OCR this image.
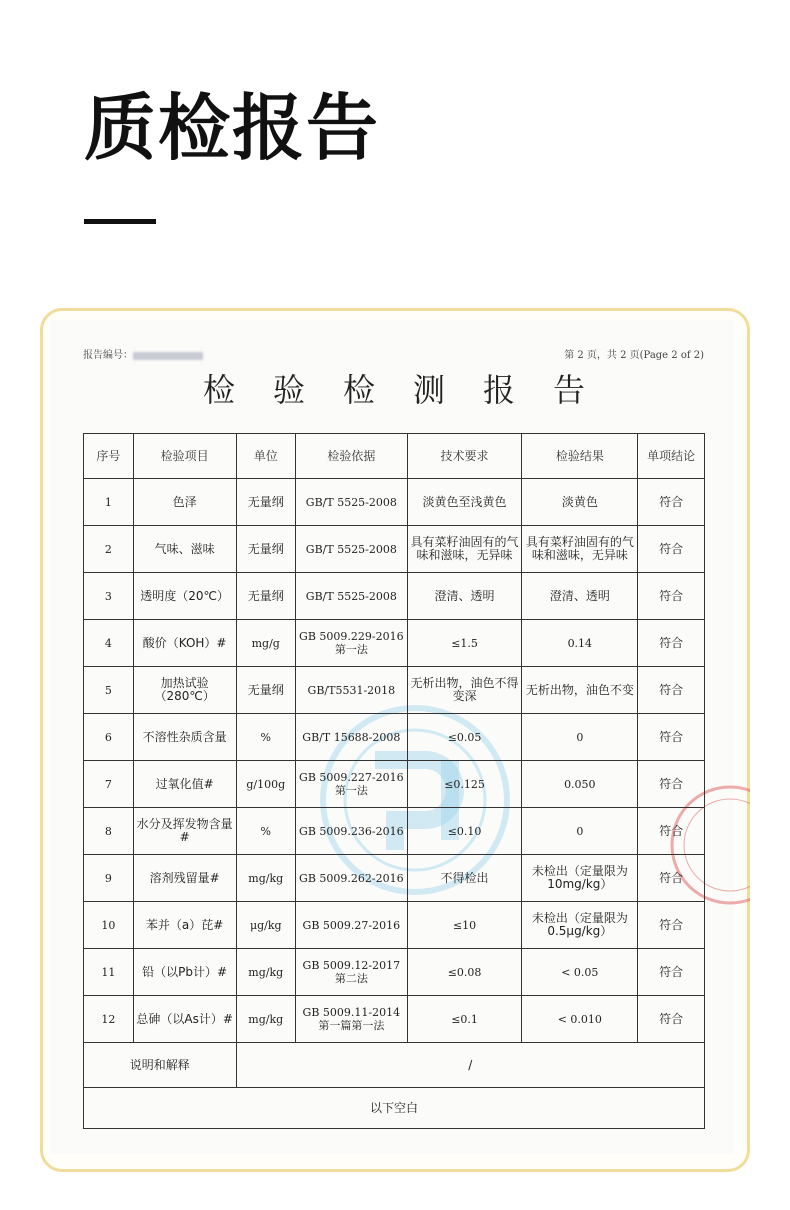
质检报告
报告编号：	第 2 页，共 2 页(Page 2 of 2)
检验检测报告
序号	检验项目	单位	检验依据	技术要求	检验结果	单项结论
1	色泽	无量纲	GB/T 5525-2008	淡黄色至浅黄色	淡黄色	符合
2	气味、滋味	无量纲	GB/T 5525-2008	具有菜籽油固有的气味和滋味，无异味	具有菜籽油固有的气味和滋味，无异味	符合
3	透明度（20℃）	无量纲	GB/T 5525-2008	澄清、透明	澄清、透明	符合
4	酸价（KOH）#	mg/g	GB 5009.229-2016 第一法	≤1.5	0.14	符合
5	加热试验（280℃）	无量纲	GB/T5531-2018	无析出物，油色不得变深	无析出物，油色不变	符合
6	不溶性杂质含量	%	GB/T 15688-2008	≤0.05	0	符合
7	过氧化值#	g/100g	GB 5009.227-2016 第一法	≤0.125	0.050	符合
8	水分及挥发物含量#	%	GB 5009.236-2016	≤0.10	0	符合
9	溶剂残留量#	mg/kg	GB 5009.262-2016	不得检出	未检出（定量限为10mg/kg）	符合
10	苯并（a）芘#	μg/kg	GB 5009.27-2016	≤10	未检出（定量限为0.5μg/kg）	符合
11	铅（以Pb计）#	mg/kg	GB 5009.12-2017 第二法	≤0.08	< 0.05	符合
12	总砷（以As计）#	mg/kg	GB 5009.11-2014 第一篇第一法	≤0.1	< 0.010	符合
说明和解释		/				
以下空白						
